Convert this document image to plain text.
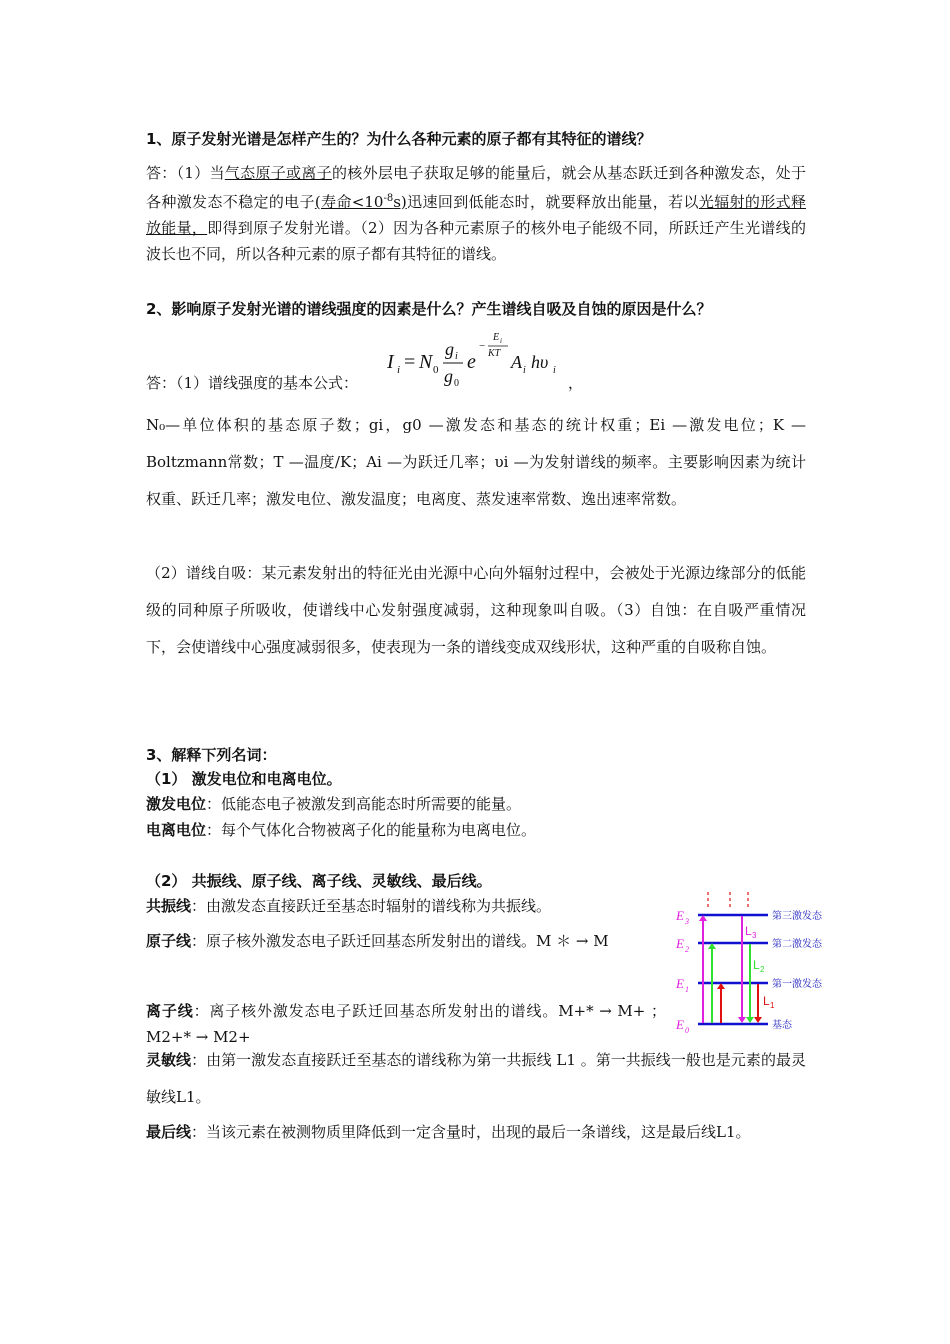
1、原子发射光谱是怎样产生的？为什么各种元素的原子都有其特征的谱线？
答：（1）当气态原子或离子的核外层电子获取足够的能量后，就会从基态跃迁到各种激发态，处于各种激发态不稳定的电子(寿命$<10^{-8}s$)迅速回到低能态时，就要释放出能量，若以光辐射的形式释放能量，即得到原子发射光谱。（2）因为各种元素原子的核外电子能级不同，所跃迁产生光谱线的波长也不同，所以各种元素的原子都有其特征的谱线。
2、影响原子发射光谱的谱线强度的因素是什么？产生谱线自吸及自蚀的原因是什么？
答：（1）谱线强度的基本公式：
I i = N 0
g i
g 0
e
−
E i
KT A i hυ i
，
N₀—单位体积的基态原子数；gi，g0 —激发态和基态的统计权重；Ei —激发电位；K —Boltzmann常数；T —温度/K；Ai —为跃迁几率；υi —为发射谱线的频率。主要影响因素为统计权重、跃迁几率；激发电位、激发温度；电离度、蒸发速率常数、逸出速率常数。
（2）谱线自吸：某元素发射出的特征光由光源中心向外辐射过程中，会被处于光源边缘部分的低能级的同种原子所吸收，使谱线中心发射强度减弱，这种现象叫自吸。（3）自蚀：在自吸严重情况下，会使谱线中心强度减弱很多，使表现为一条的谱线变成双线形状，这种严重的自吸称自蚀。
3、解释下列名词：
（1） 激发电位和电离电位。
激发电位：低能态电子被激发到高能态时所需要的能量。
电离电位：每个气体化合物被离子化的能量称为电离电位。
（2） 共振线、原子线、离子线、灵敏线、最后线。
共振线：由激发态直接跃迁至基态时辐射的谱线称为共振线。
原子线：原子核外激发态电子跃迁回基态所发射出的谱线。M ＊ → M
离子线：离子核外激发态电子跃迁回基态所发射出的谱线。M+* → M+ ；M2+* → M2+
灵敏线：由第一激发态直接跃迁至基态的谱线称为第一共振线 L1 。第一共振线一般也是元素的最灵敏线L1。
最后线：当该元素在被测物质里降低到一定含量时，出现的最后一条谱线，这是最后线L1。
E 3
E 2
E 1
E 0
L 3
L 2
L 1
第三激发态
第二激发态
第一激发态
基态
